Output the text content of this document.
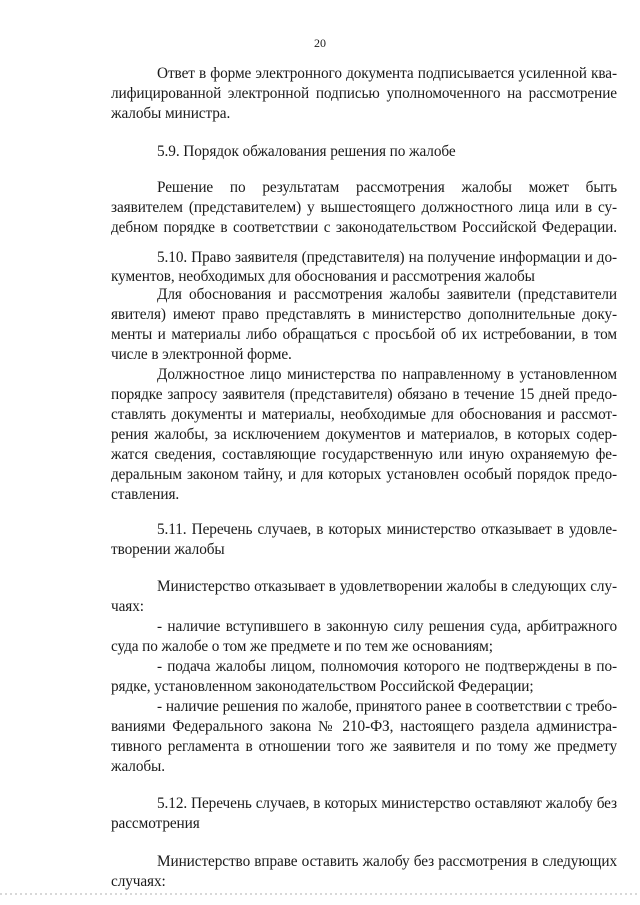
20
Ответ в форме электронного документа подписывается усиленной ква-
лифицированной электронной подписью уполномоченного на рассмотрение
жалобы министра.
5.9. Порядок обжалования решения по жалобе
Решение по результатам рассмотрения жалобы может быть
заявителем (представителем) у вышестоящего должностного лица или в су-
дебном порядке в соответствии с законодательством Российской Федерации.
5.10. Право заявителя (представителя) на получение информации и до-
кументов, необходимых для обоснования и рассмотрения жалобы
Для обоснования и рассмотрения жалобы заявители (представители
явителя) имеют право представлять в министерство дополнительные доку-
менты и материалы либо обращаться с просьбой об их истребовании, в том
числе в электронной форме.
Должностное лицо министерства по направленному в установленном
порядке запросу заявителя (представителя) обязано в течение 15 дней предо-
ставлять документы и материалы, необходимые для обоснования и рассмот-
рения жалобы, за исключением документов и материалов, в которых содер-
жатся сведения, составляющие государственную или иную охраняемую фе-
деральным законом тайну, и для которых установлен особый порядок предо-
ставления.
5.11. Перечень случаев, в которых министерство отказывает в удовле-
творении жалобы
Министерство отказывает в удовлетворении жалобы в следующих слу-
чаях:
- наличие вступившего в законную силу решения суда, арбитражного
суда по жалобе о том же предмете и по тем же основаниям;
- подача жалобы лицом, полномочия которого не подтверждены в по-
рядке, установленном законодательством Российской Федерации;
- наличие решения по жалобе, принятого ранее в соответствии с требо-
ваниями Федерального закона № 210-ФЗ, настоящего раздела администра-
тивного регламента в отношении того же заявителя и по тому же предмету
жалобы.
5.12. Перечень случаев, в которых министерство оставляют жалобу без
рассмотрения
Министерство вправе оставить жалобу без рассмотрения в следующих
случаях:
